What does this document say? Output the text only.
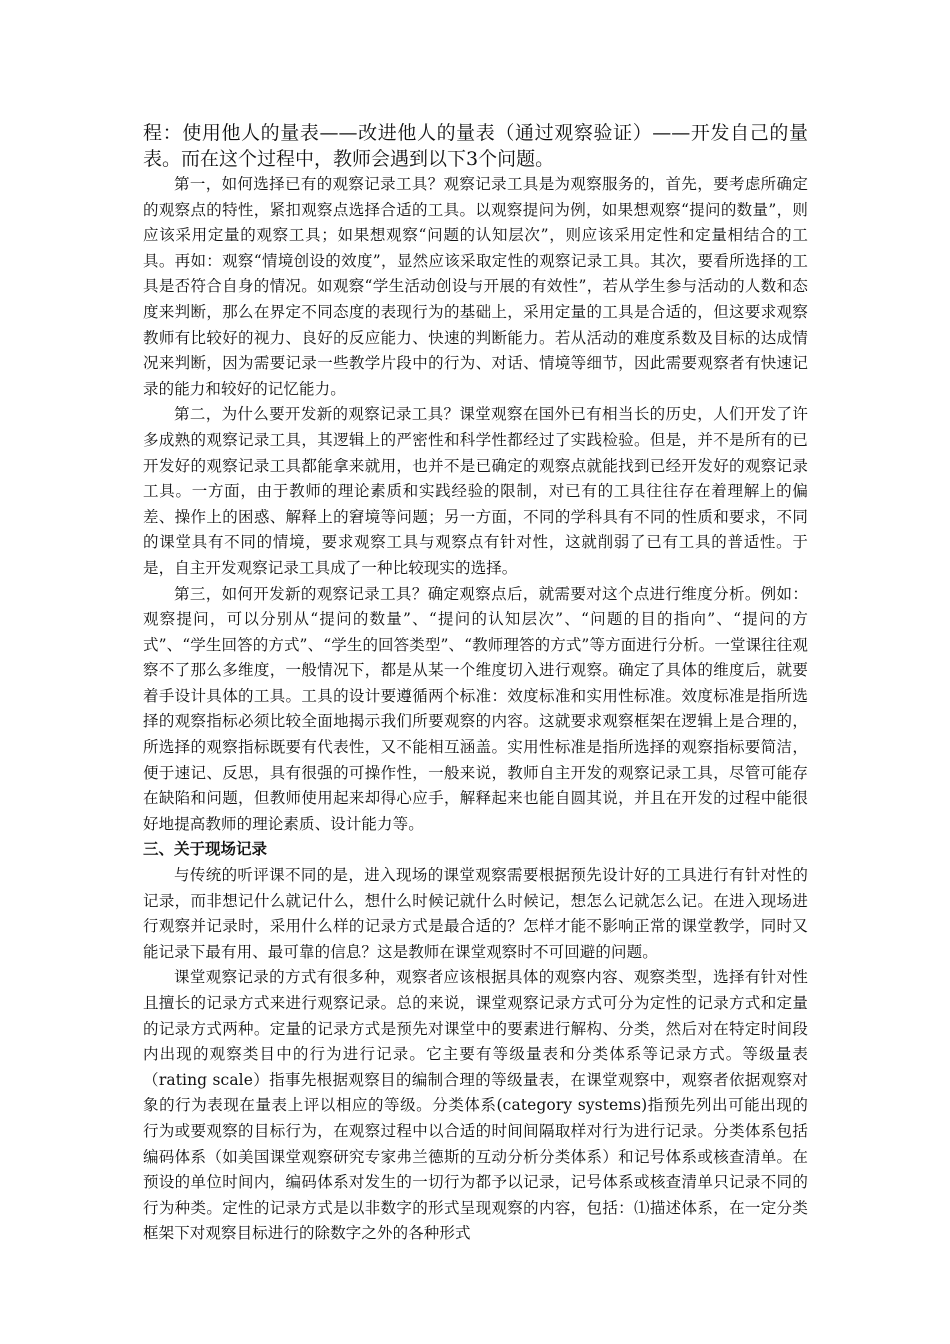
程：使用他人的量表——改进他人的量表（通过观察验证）——开发自己的量表。而在这个过程中，教师会遇到以下3个问题。

第一，如何选择已有的观察记录工具？观察记录工具是为观察服务的，首先，要考虑所确定的观察点的特性，紧扣观察点选择合适的工具。以观察提问为例，如果想观察“提问的数量”，则应该采用定量的观察工具；如果想观察“问题的认知层次”，则应该采用定性和定量相结合的工具。再如：观察“情境创设的效度”，显然应该采取定性的观察记录工具。其次，要看所选择的工具是否符合自身的情况。如观察“学生活动创设与开展的有效性”，若从学生参与活动的人数和态度来判断，那么在界定不同态度的表现行为的基础上，采用定量的工具是合适的，但这要求观察教师有比较好的视力、良好的反应能力、快速的判断能力。若从活动的难度系数及目标的达成情况来判断，因为需要记录一些教学片段中的行为、对话、情境等细节，因此需要观察者有快速记录的能力和较好的记忆能力。

第二，为什么要开发新的观察记录工具？课堂观察在国外已有相当长的历史，人们开发了许多成熟的观察记录工具，其逻辑上的严密性和科学性都经过了实践检验。但是，并不是所有的已开发好的观察记录工具都能拿来就用，也并不是已确定的观察点就能找到已经开发好的观察记录工具。一方面，由于教师的理论素质和实践经验的限制，对已有的工具往往存在着理解上的偏差、操作上的困惑、解释上的窘境等问题；另一方面，不同的学科具有不同的性质和要求，不同的课堂具有不同的情境，要求观察工具与观察点有针对性，这就削弱了已有工具的普适性。于是，自主开发观察记录工具成了一种比较现实的选择。

第三，如何开发新的观察记录工具？确定观察点后，就需要对这个点进行维度分析。例如：观察提问，可以分别从“提问的数量”、“提问的认知层次”、“问题的目的指向”、“提问的方式”、“学生回答的方式”、“学生的回答类型”、“教师理答的方式”等方面进行分析。一堂课往往观察不了那么多维度，一般情况下，都是从某一个维度切入进行观察。确定了具体的维度后，就要着手设计具体的工具。工具的设计要遵循两个标准：效度标准和实用性标准。效度标准是指所选择的观察指标必须比较全面地揭示我们所要观察的内容。这就要求观察框架在逻辑上是合理的，所选择的观察指标既要有代表性，又不能相互涵盖。实用性标准是指所选择的观察指标要简洁，便于速记、反思，具有很强的可操作性，一般来说，教师自主开发的观察记录工具，尽管可能存在缺陷和问题，但教师使用起来却得心应手，解释起来也能自圆其说，并且在开发的过程中能很好地提高教师的理论素质、设计能力等。

三、关于现场记录

与传统的听评课不同的是，进入现场的课堂观察需要根据预先设计好的工具进行有针对性的记录，而非想记什么就记什么，想什么时候记就什么时候记，想怎么记就怎么记。在进入现场进行观察并记录时，采用什么样的记录方式是最合适的？怎样才能不影响正常的课堂教学，同时又能记录下最有用、最可靠的信息？这是教师在课堂观察时不可回避的问题。

课堂观察记录的方式有很多种，观察者应该根据具体的观察内容、观察类型，选择有针对性且擅长的记录方式来进行观察记录。总的来说，课堂观察记录方式可分为定性的记录方式和定量的记录方式两种。定量的记录方式是预先对课堂中的要素进行解构、分类，然后对在特定时间段内出现的观察类目中的行为进行记录。它主要有等级量表和分类体系等记录方式。等级量表（rating scale）指事先根据观察目的编制合理的等级量表，在课堂观察中，观察者依据观察对象的行为表现在量表上评以相应的等级。分类体系(category systems)指预先列出可能出现的行为或要观察的目标行为，在观察过程中以合适的时间间隔取样对行为进行记录。分类体系包括编码体系（如美国课堂观察研究专家弗兰德斯的互动分析分类体系）和记号体系或核查清单。在预设的单位时间内，编码体系对发生的一切行为都予以记录，记号体系或核查清单只记录不同的行为种类。定性的记录方式是以非数字的形式呈现观察的内容，包括：⑴描述体系，在一定分类框架下对观察目标进行的除数字之外的各种形式
